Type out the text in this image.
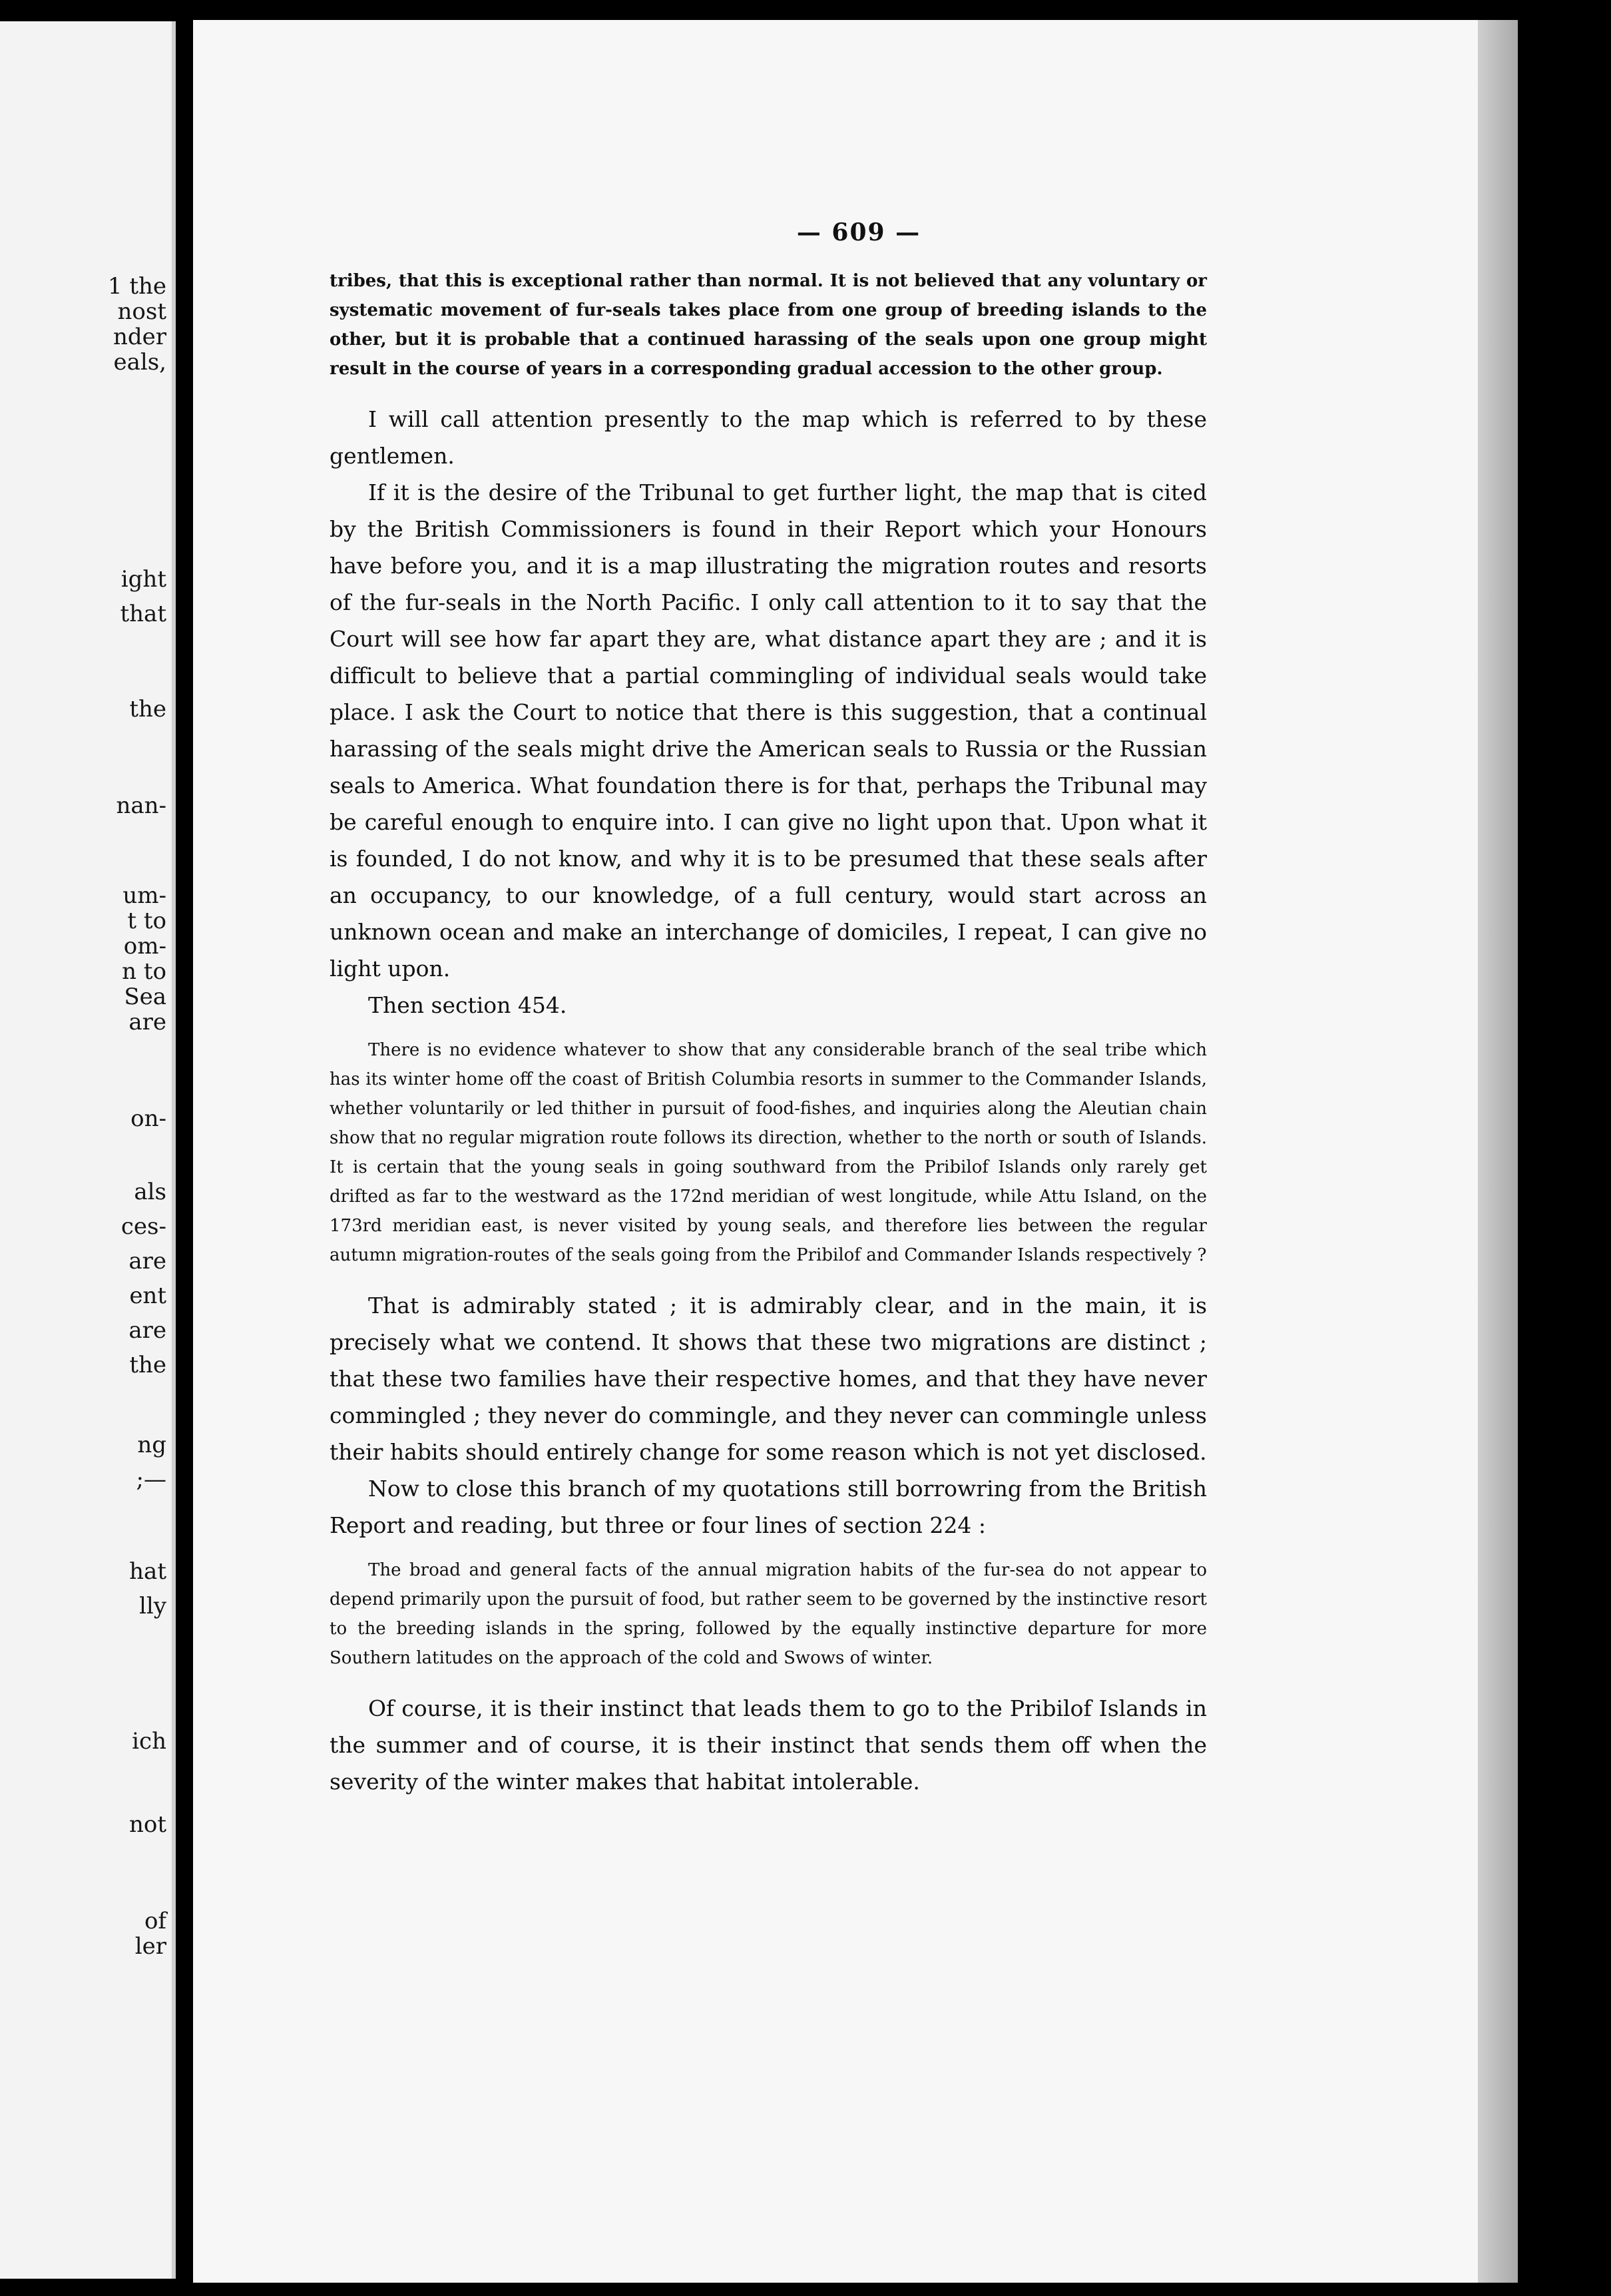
1 the
nost
nder
eals,
ight
that
the
nan-
um-
t to
om-
n to
Sea
are
on-
als
ces-
are
ent
are
the
ng
;—
hat
lly
ich
not
of
ler
— 609 —

tribes, that this is exceptional rather than normal. It is not believed that any voluntary or systematic movement of fur-seals takes place from one group of breeding islands to the other, but it is probable that a continued harassing of the seals upon one group might result in the course of years in a corresponding gradual accession to the other group.

I will call attention presently to the map which is referred to by these gentlemen.

If it is the desire of the Tribunal to get further light, the map that is cited by the British Commissioners is found in their Report which your Honours have before you, and it is a map illustrating the migration routes and resorts of the fur-seals in the North Pacific. I only call attention to it to say that the Court will see how far apart they are, what distance apart they are ; and it is difficult to believe that a partial commingling of individual seals would take place. I ask the Court to notice that there is this suggestion, that a continual harassing of the seals might drive the American seals to Russia or the Russian seals to America. What foundation there is for that, perhaps the Tribunal may be careful enough to enquire into. I can give no light upon that. Upon what it is founded, I do not know, and why it is to be presumed that these seals after an occupancy, to our knowledge, of a full century, would start across an unknown ocean and make an interchange of domiciles, I repeat, I can give no light upon.

Then section 454.

There is no evidence whatever to show that any considerable branch of the seal tribe which has its winter home off the coast of British Columbia resorts in summer to the Commander Islands, whether voluntarily or led thither in pursuit of food-fishes, and inquiries along the Aleutian chain show that no regular migration route follows its direction, whether to the north or south of Islands. It is certain that the young seals in going southward from the Pribilof Islands only rarely get drifted as far to the westward as the 172nd meridian of west longitude, while Attu Island, on the 173rd meridian east, is never visited by young seals, and therefore lies between the regular autumn migration-routes of the seals going from the Pribilof and Commander Islands respectively ?

That is admirably stated ; it is admirably clear, and in the main, it is precisely what we contend. It shows that these two migrations are distinct ; that these two families have their respective homes, and that they have never commingled ; they never do commingle, and they never can commingle unless their habits should entirely change for some reason which is not yet disclosed.

Now to close this branch of my quotations still borrowring from the British Report and reading, but three or four lines of section 224 :

The broad and general facts of the annual migration habits of the fur-sea do not appear to depend primarily upon the pursuit of food, but rather seem to be governed by the instinctive resort to the breeding islands in the spring, followed by the equally instinctive departure for more Southern latitudes on the approach of the cold and Swows of winter.

Of course, it is their instinct that leads them to go to the Pribilof Islands in the summer and of course, it is their instinct that sends them off when the severity of the winter makes that habitat intolerable.
